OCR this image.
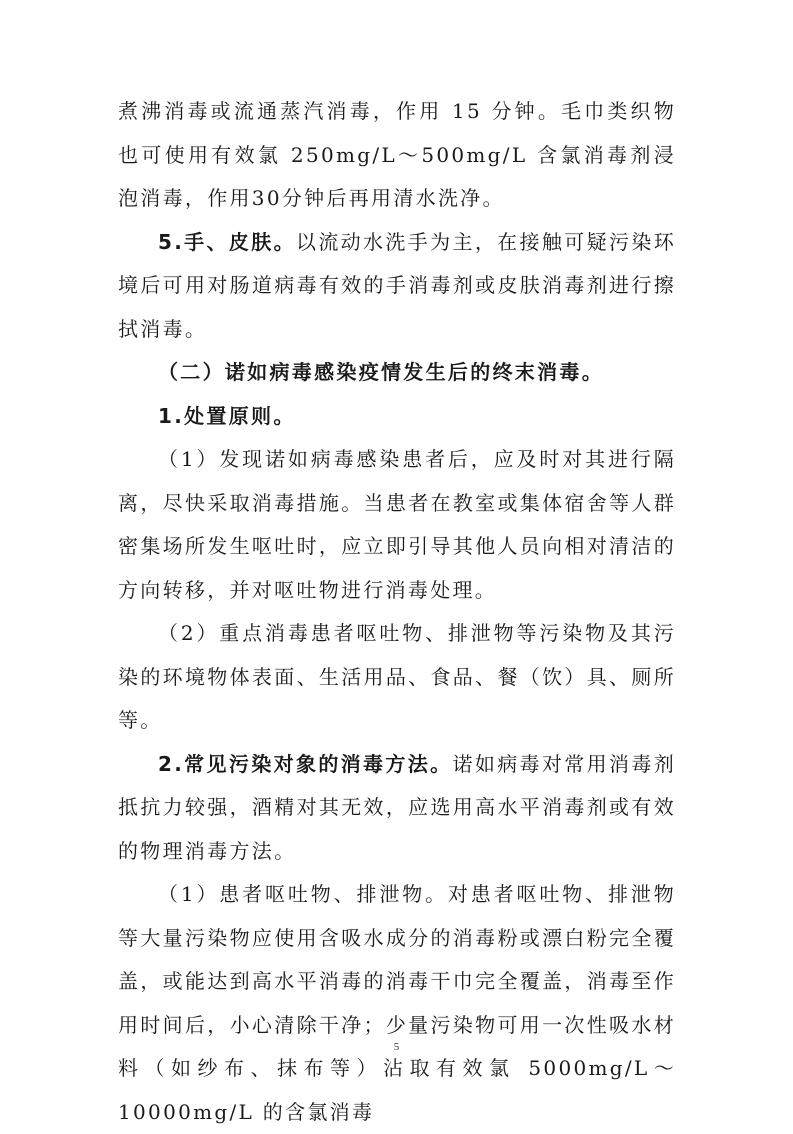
煮沸消毒或流通蒸汽消毒，作用 15 分钟。毛巾类织物也可使用有效氯 250mg/L～500mg/L 含氯消毒剂浸泡消毒，作用30分钟后再用清水洗净。

5.手、皮肤。以流动水洗手为主，在接触可疑污染环境后可用对肠道病毒有效的手消毒剂或皮肤消毒剂进行擦拭消毒。

（二）诺如病毒感染疫情发生后的终末消毒。

1.处置原则。

（1）发现诺如病毒感染患者后，应及时对其进行隔离，尽快采取消毒措施。当患者在教室或集体宿舍等人群密集场所发生呕吐时，应立即引导其他人员向相对清洁的方向转移，并对呕吐物进行消毒处理。

（2）重点消毒患者呕吐物、排泄物等污染物及其污染的环境物体表面、生活用品、食品、餐（饮）具、厕所等。

2.常见污染对象的消毒方法。诺如病毒对常用消毒剂抵抗力较强，酒精对其无效，应选用高水平消毒剂或有效的物理消毒方法。

（1）患者呕吐物、排泄物。对患者呕吐物、排泄物等大量污染物应使用含吸水成分的消毒粉或漂白粉完全覆盖，或能达到高水平消毒的消毒干巾完全覆盖，消毒至作用时间后，小心清除干净；少量污染物可用一次性吸水材料（如纱布、抹布等）沾取有效氯 5000mg/L～10000mg/L 的含氯消毒

5
